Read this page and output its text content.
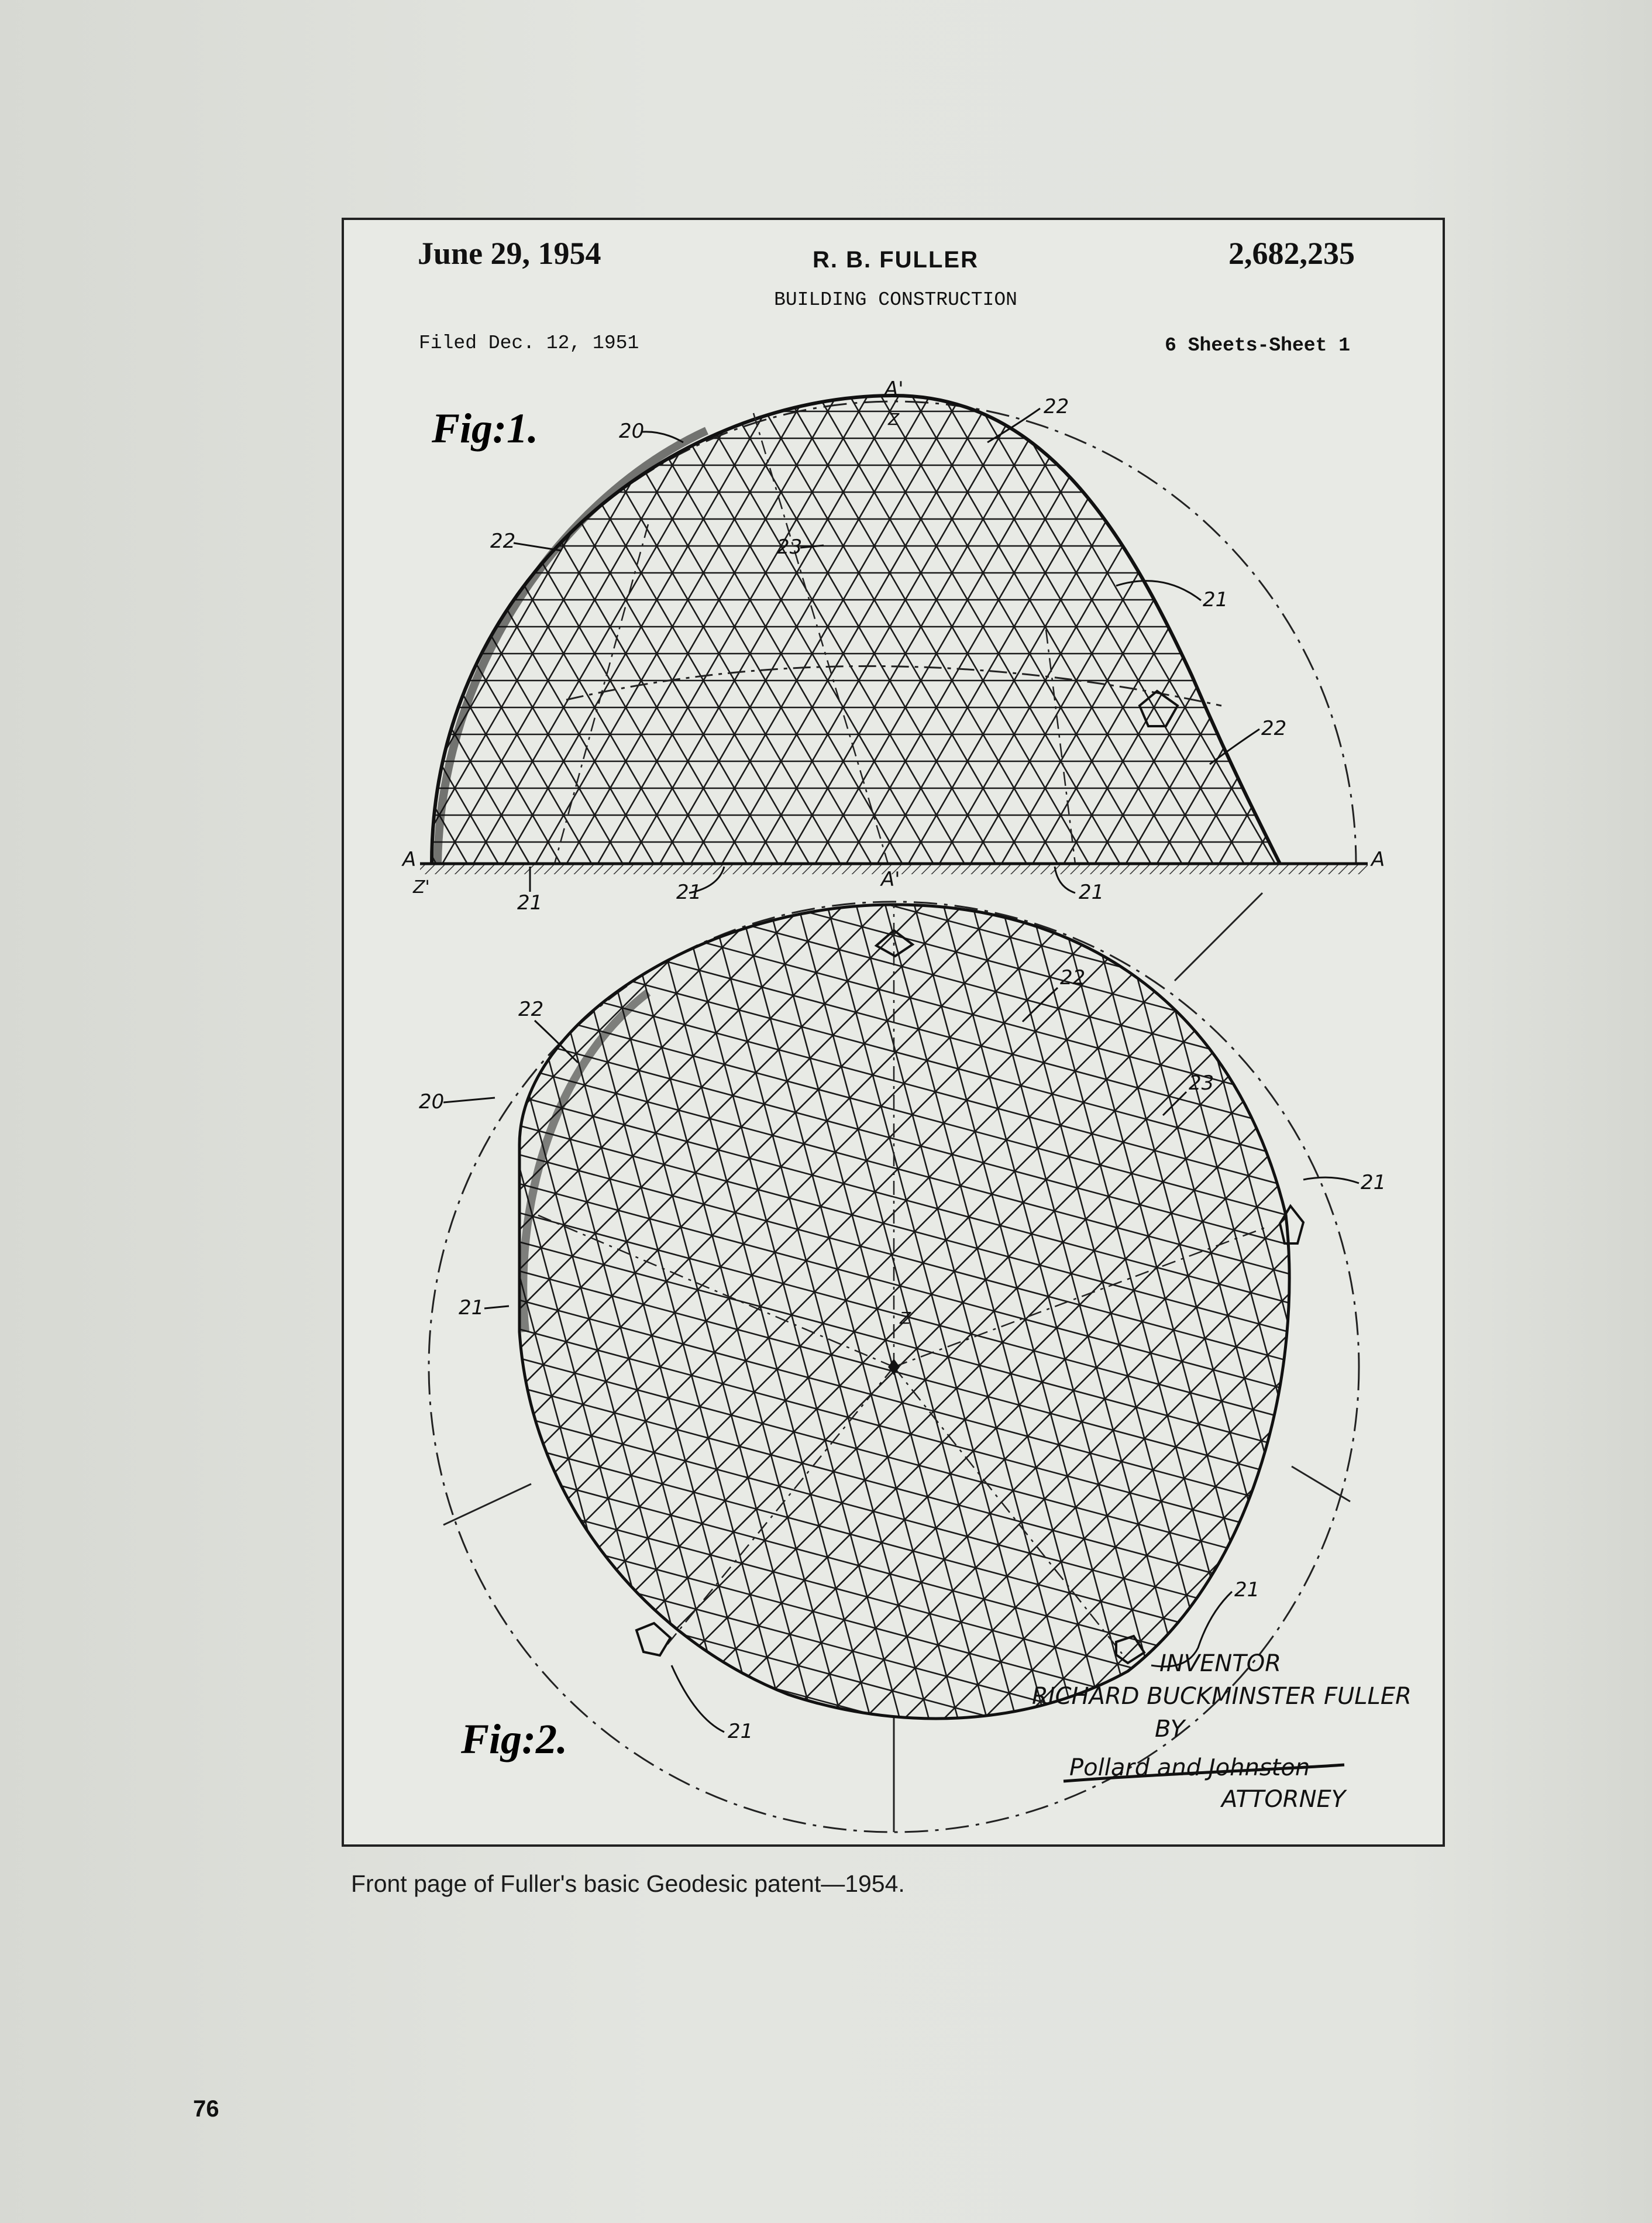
June 29, 1954	R. B. FULLER	2,682,235
BUILDING CONSTRUCTION
Filed Dec. 12, 1951	6 Sheets-Sheet 1
Fig:1.	20
22
22
22
23
21
21	21	21
A'
Z
A
Z'
A
A'
Fig:2.
22
22
20
23
21
21
21
21
Z
INVENTOR
RICHARD BUCKMINSTER FULLER
BY
Pollard and Johnston
ATTORNEY
Front page of Fuller's basic Geodesic patent—1954.
76
